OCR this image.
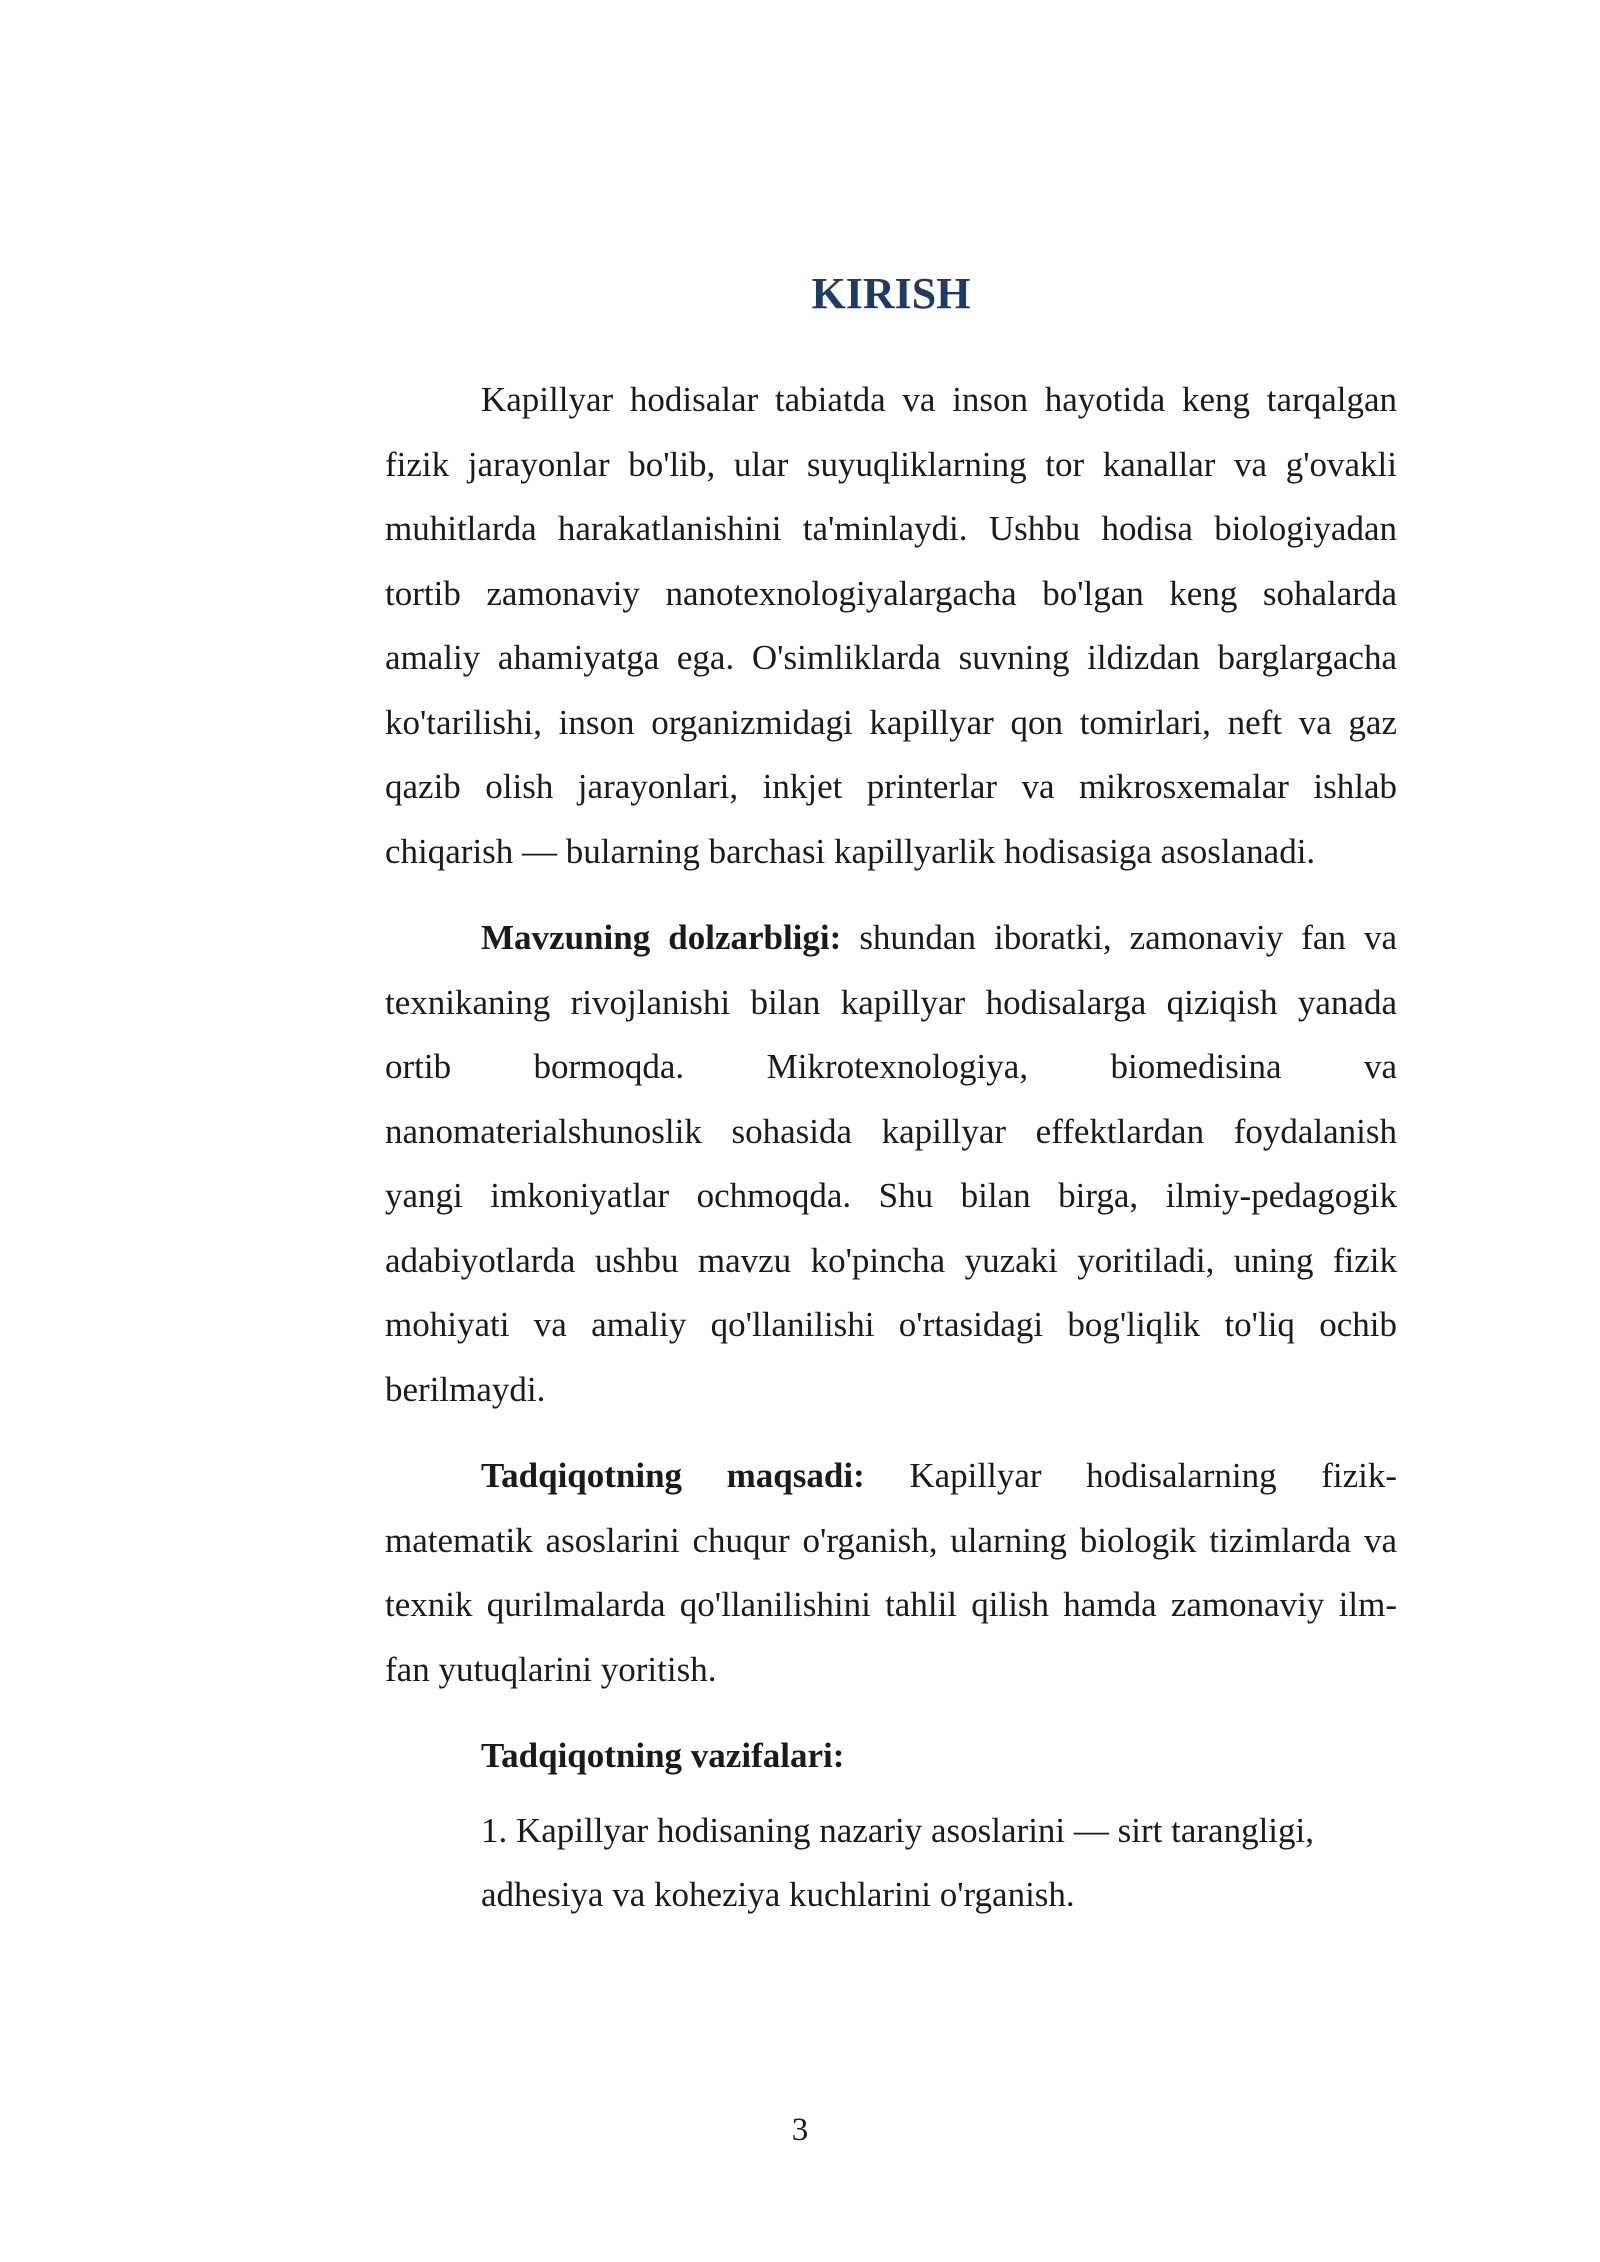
KIRISH

Kapillyar hodisalar tabiatda va inson hayotida keng tarqalgan fizik jarayonlar bo'lib, ular suyuqliklarning tor kanallar va g'ovakli muhitlarda harakatlanishini ta'minlaydi. Ushbu hodisa biologiyadan tortib zamonaviy nanotexnologiyalargacha bo'lgan keng sohalarda amaliy ahamiyatga ega. O'simliklarda suvning ildizdan barglargacha ko'tarilishi, inson organizmidagi kapillyar qon tomirlari, neft va gaz qazib olish jarayonlari, inkjet printerlar va mikrosxemalar ishlab chiqarish — bularning barchasi kapillyarlik hodisasiga asoslanadi.

Mavzuning dolzarbligi: shundan iboratki, zamonaviy fan va texnikaning rivojlanishi bilan kapillyar hodisalarga qiziqish yanada ortib bormoqda. Mikrotexnologiya, biomedisina va nanomaterialshunoslik sohasida kapillyar effektlardan foydalanish yangi imkoniyatlar ochmoqda. Shu bilan birga, ilmiy-pedagogik adabiyotlarda ushbu mavzu ko'pincha yuzaki yoritiladi, uning fizik mohiyati va amaliy qo'llanilishi o'rtasidagi bog'liqlik to'liq ochib berilmaydi.

Tadqiqotning maqsadi: Kapillyar hodisalarning fizik-matematik asoslarini chuqur o'rganish, ularning biologik tizimlarda va texnik qurilmalarda qo'llanilishini tahlil qilish hamda zamonaviy ilm-fan yutuqlarini yoritish.

Tadqiqotning vazifalari:
1. Kapillyar hodisaning nazariy asoslarini — sirt tarangligi, adhesiya va koheziya kuchlarini o'rganish.
3
